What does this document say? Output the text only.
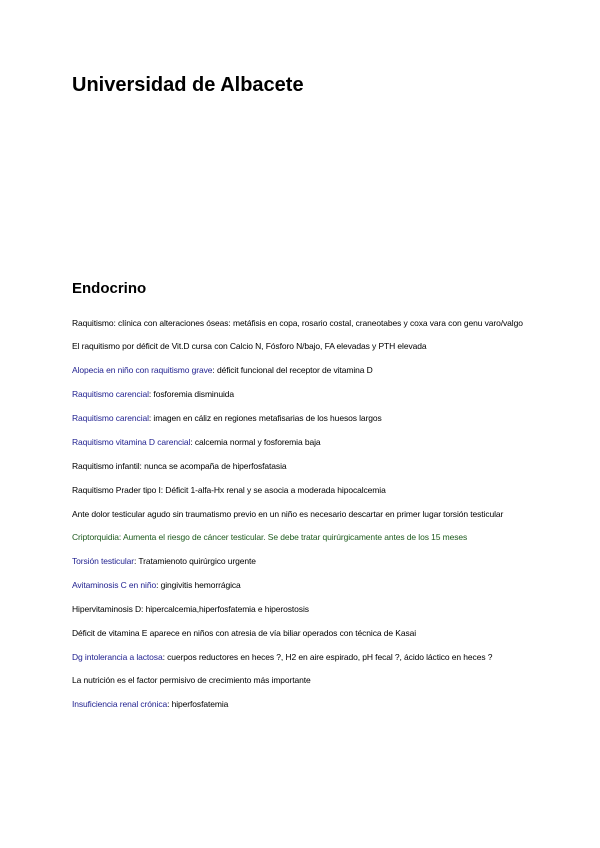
Universidad de Albacete
Endocrino
Raquitismo: clínica con alteraciones óseas: metáfisis en copa, rosario costal, craneotabes y coxa vara con genu varo/valgo
El raquitismo por déficit de Vit.D cursa con Calcio N, Fósforo N/bajo, FA elevadas y PTH elevada
Alopecia en niño con raquitismo grave: déficit funcional del receptor de vitamina D
Raquitismo carencial: fosforemia disminuida
Raquitismo carencial: imagen en cáliz en regiones metafisarias de los huesos largos
Raquitismo vitamina D carencial: calcemia normal y fosforemia baja
Raquitismo infantil: nunca se acompaña de hiperfosfatasia
Raquitismo Prader tipo I: Déficit 1-alfa-Hx renal y se asocia a moderada hipocalcemia
Ante dolor testicular agudo sin traumatismo previo en un niño es necesario descartar en primer lugar torsión testicular
Criptorquidia: Aumenta el riesgo de cáncer testicular. Se debe tratar quirúrgicamente antes de los 15 meses
Torsión testicular: Tratamienoto quirúrgico urgente
Avitaminosis C en niño: gingivitis hemorrágica
Hipervitaminosis D: hipercalcemia,hiperfosfatemia e hiperostosis
Déficit de vitamina E aparece en niños con atresia de vía biliar operados con técnica de Kasai
Dg intolerancia a lactosa: cuerpos reductores en heces ?, H2 en aire espirado, pH fecal ?, ácido láctico en heces ?
La nutrición es el factor permisivo de crecimiento más importante
Insuficiencia renal crónica: hiperfosfatemia
